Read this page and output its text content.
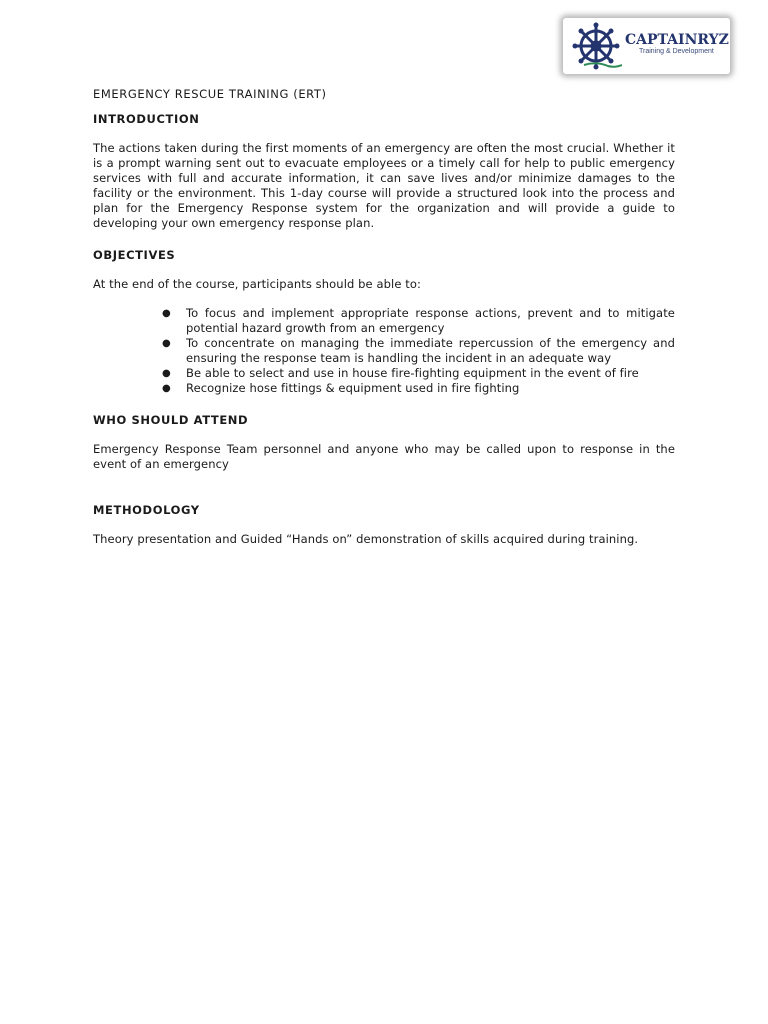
CAPTAINRYZ
Training & Development
EMERGENCY RESCUE TRAINING (ERT)
INTRODUCTION

The actions taken during the first moments of an emergency are often the most crucial. Whether it is a prompt warning sent out to evacuate employees or a timely call for help to public emergency services with full and accurate information, it can save lives and/or minimize damages to the facility or the environment. This 1-day course will provide a structured look into the process and plan for the Emergency Response system for the organization and will provide a guide to developing your own emergency response plan.

OBJECTIVES

At the end of the course, participants should be able to:

● To focus and implement appropriate response actions, prevent and to mitigate potential hazard growth from an emergency
● To concentrate on managing the immediate repercussion of the emergency and ensuring the response team is handling the incident in an adequate way
● Be able to select and use in house fire-fighting equipment in the event of fire
● Recognize hose fittings & equipment used in fire fighting
WHO SHOULD ATTEND

Emergency Response Team personnel and anyone who may be called upon to response in the event of an emergency

METHODOLOGY

Theory presentation and Guided “Hands on” demonstration of skills acquired during training.
